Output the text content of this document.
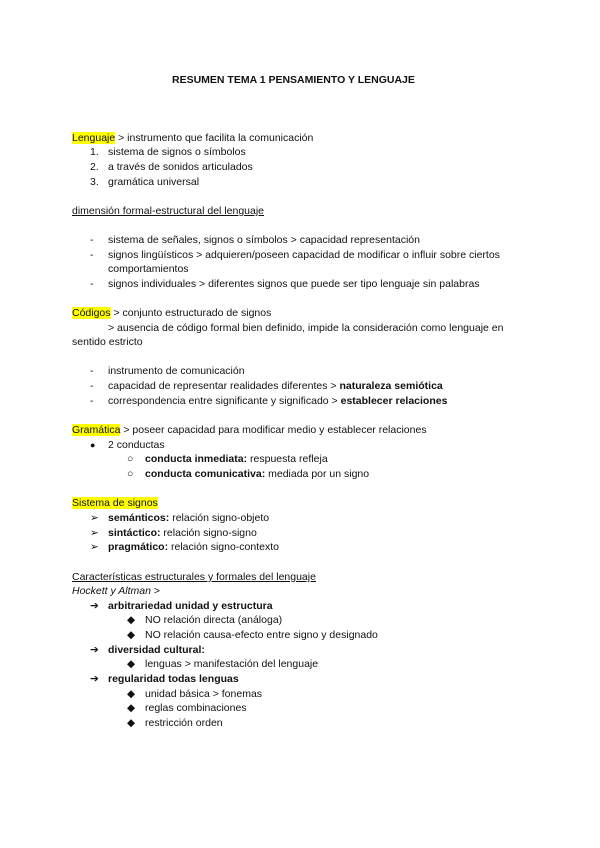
RESUMEN TEMA 1 PENSAMIENTO Y LENGUAJE
Lenguaje > instrumento que facilita la comunicación
1. sistema de signos o símbolos
2. a través de sonidos articulados
3. gramática universal
dimensión formal-estructural del lenguaje
- sistema de señales, signos o símbolos > capacidad representación
- signos lingüísticos > adquieren/poseen capacidad de modificar o influir sobre ciertos
comportamientos
- signos individuales > diferentes signos que puede ser tipo lenguaje sin palabras
Códigos > conjunto estructurado de signos
> ausencia de código formal bien definido, impide la consideración como lenguaje en
sentido estricto
- instrumento de comunicación
- capacidad de representar realidades diferentes > naturaleza semiótica
- correspondencia entre significante y significado > establecer relaciones
Gramática > poseer capacidad para modificar medio y establecer relaciones
● 2 conductas
○ conducta inmediata: respuesta refleja
○ conducta comunicativa: mediada por un signo
Sistema de signos
➢ semánticos: relación signo-objeto
➢ sintáctico: relación signo-signo
➢ pragmático: relación signo-contexto
Características estructurales y formales del lenguaje
Hockett y Altman >
➔ arbitrariedad unidad y estructura
◆ NO relación directa (análoga)
◆ NO relación causa-efecto entre signo y designado
➔ diversidad cultural:
◆ lenguas > manifestación del lenguaje
➔ regularidad todas lenguas
◆ unidad básica > fonemas
◆ reglas combinaciones
◆ restricción orden
